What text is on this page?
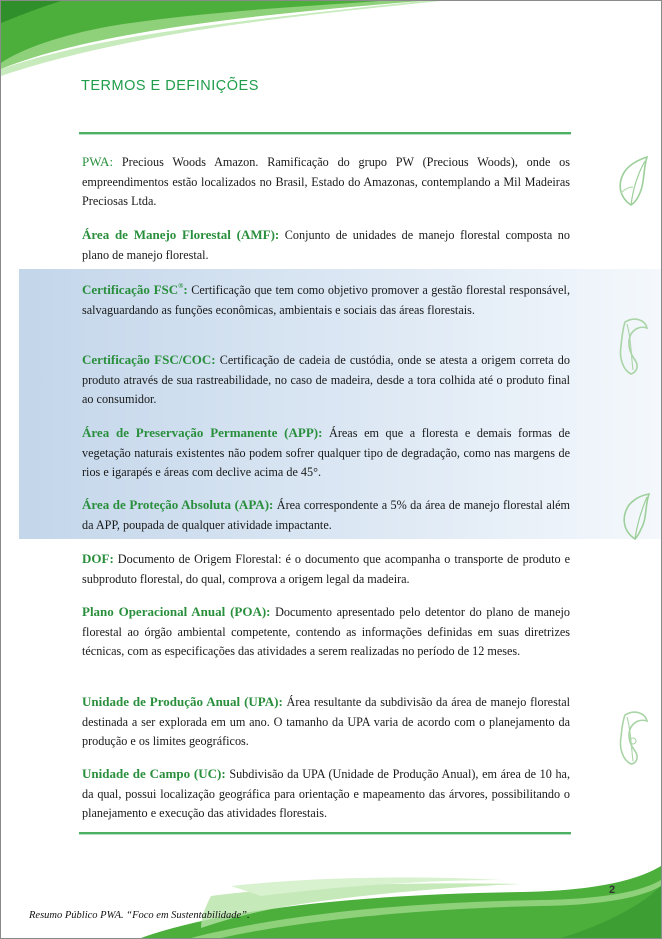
TERMOS E DEFINIÇÕES

PWA: Precious Woods Amazon. Ramificação do grupo PW (Precious Woods), onde os empreendimentos estão localizados no Brasil, Estado do Amazonas, contemplando a Mil Madeiras Preciosas Ltda.

Área de Manejo Florestal (AMF): Conjunto de unidades de manejo florestal composta no plano de manejo florestal.

Certificação FSC®: Certificação que tem como objetivo promover a gestão florestal responsável, salvaguardando as funções econômicas, ambientais e sociais das áreas florestais.

Certificação FSC/COC: Certificação de cadeia de custódia, onde se atesta a origem correta do produto através de sua rastreabilidade, no caso de madeira, desde a tora colhida até o produto final ao consumidor.

Área de Preservação Permanente (APP): Áreas em que a floresta e demais formas de vegetação naturais existentes não podem sofrer qualquer tipo de degradação, como nas margens de rios e igarapés e áreas com declive acima de 45°.

Área de Proteção Absoluta (APA): Área correspondente a 5% da área de manejo florestal além da APP, poupada de qualquer atividade impactante.

DOF: Documento de Origem Florestal: é o documento que acompanha o transporte de produto e subproduto florestal, do qual, comprova a origem legal da madeira.

Plano Operacional Anual (POA): Documento apresentado pelo detentor do plano de manejo florestal ao órgão ambiental competente, contendo as informações definidas em suas diretrizes técnicas, com as especificações das atividades a serem realizadas no período de 12 meses.

Unidade de Produção Anual (UPA): Área resultante da subdivisão da área de manejo florestal destinada a ser explorada em um ano. O tamanho da UPA varia de acordo com o planejamento da produção e os limites geográficos.

Unidade de Campo (UC): Subdivisão da UPA (Unidade de Produção Anual), em área de 10 ha, da qual, possui localização geográfica para orientação e mapeamento das árvores, possibilitando o planejamento e execução das atividades florestais.

2
Resumo Público PWA. “Foco em Sustentabilidade”.
